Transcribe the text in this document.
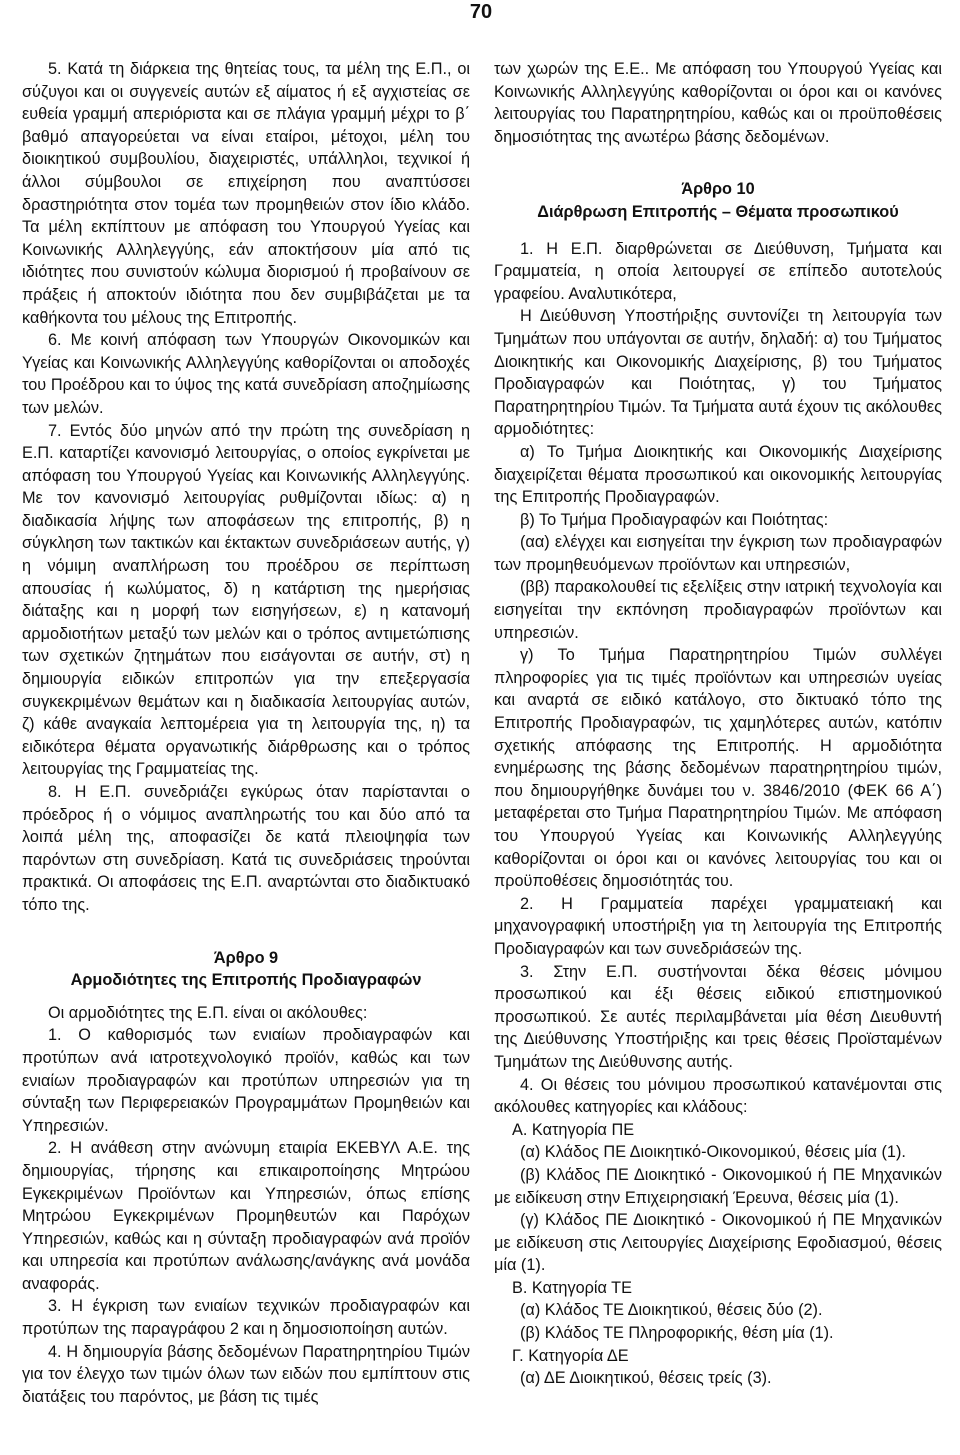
70

5. Κατά τη διάρκεια της θητείας τους, τα μέλη της Ε.Π., οι σύζυγοι και οι συγγενείς αυτών εξ αίματος ή εξ αγχιστείας σε ευθεία γραμμή απεριόριστα και σε πλάγια γραμμή μέχρι το β΄ βαθμό απαγορεύεται να είναι εταίροι, μέτοχοι, μέλη του διοικητικού συμβουλίου, διαχειριστές, υπάλληλοι, τεχνικοί ή άλλοι σύμβουλοι σε επιχείρηση που αναπτύσσει δραστηριότητα στον τομέα των προμηθειών στον ίδιο κλάδο. Τα μέλη εκπίπτουν με απόφαση του Υπουργού Υγείας και Κοινωνικής Αλληλεγγύης, εάν αποκτήσουν μία από τις ιδιότητες που συνιστούν κώλυμα διορισμού ή προβαίνουν σε πράξεις ή αποκτούν ιδιότητα που δεν συμβιβάζεται με τα καθήκοντα του μέλους της Επιτροπής.

6. Με κοινή απόφαση των Υπουργών Οικονομικών και Υγείας και Κοινωνικής Αλληλεγγύης καθορίζονται οι αποδοχές του Προέδρου και το ύψος της κατά συνεδρίαση αποζημίωσης των μελών.

7. Εντός δύο μηνών από την πρώτη της συνεδρίαση η Ε.Π. καταρτίζει κανονισμό λειτουργίας, ο οποίος εγκρίνεται με απόφαση του Υπουργού Υγείας και Κοινωνικής Αλληλεγγύης. Με τον κανονισμό λειτουργίας ρυθμίζονται ιδίως: α) η διαδικασία λήψης των αποφάσεων της επιτροπής, β) η σύγκληση των τακτικών και έκτακτων συνεδριάσεων αυτής, γ) η νόμιμη αναπλήρωση του προέδρου σε περίπτωση απουσίας ή κωλύματος, δ) η κατάρτιση της ημερήσιας διάταξης και η μορφή των εισηγήσεων, ε) η κατανομή αρμοδιοτήτων μεταξύ των μελών και ο τρόπος αντιμετώπισης των σχετικών ζητημάτων που εισάγονται σε αυτήν, στ) η δημιουργία ειδικών επιτροπών για την επεξεργασία συγκεκριμένων θεμάτων και η διαδικασία λειτουργίας αυτών, ζ) κάθε αναγκαία λεπτομέρεια για τη λειτουργία της, η) τα ειδικότερα θέματα οργανωτικής διάρθρωσης και ο τρόπος λειτουργίας της Γραμματείας της.

8. Η Ε.Π. συνεδριάζει εγκύρως όταν παρίστανται ο πρόεδρος ή ο νόμιμος αναπληρωτής του και δύο από τα λοιπά μέλη της, αποφασίζει δε κατά πλειοψηφία των παρόντων στη συνεδρίαση. Κατά τις συνεδριάσεις τηρούνται πρακτικά. Οι αποφάσεις της Ε.Π. αναρτώνται στο διαδικτυακό τόπο της.

Άρθρο 9

Αρμοδιότητες της Επιτροπής Προδιαγραφών

Οι αρμοδιότητες της Ε.Π. είναι οι ακόλουθες:

1. Ο καθορισμός των ενιαίων προδιαγραφών και προτύπων ανά ιατροτεχνολογικό προϊόν, καθώς και των ενιαίων προδιαγραφών και προτύπων υπηρεσιών για τη σύνταξη των Περιφερειακών Προγραμμάτων Προμηθειών και Υπηρεσιών.

2. Η ανάθεση στην ανώνυμη εταιρία ΕΚΕΒΥΛ Α.Ε. της δημιουργίας, τήρησης και επικαιροποίησης Μητρώου Εγκεκριμένων Προϊόντων και Υπηρεσιών, όπως επίσης Μητρώου Εγκεκριμένων Προμηθευτών και Παρόχων Υπηρεσιών, καθώς και η σύνταξη προδιαγραφών ανά προϊόν και υπηρεσία και προτύπων ανάλωσης/ανάγκης ανά μονάδα αναφοράς.

3. Η έγκριση των ενιαίων τεχνικών προδιαγραφών και προτύπων της παραγράφου 2 και η δημοσιοποίηση αυτών.

4. Η δημιουργία βάσης δεδομένων Παρατηρητηρίου Τιμών για τον έλεγχο των τιμών όλων των ειδών που εμπίπτουν στις διατάξεις του παρόντος, με βάση τις τιμές

των χωρών της Ε.Ε.. Με απόφαση του Υπουργού Υγείας και Κοινωνικής Αλληλεγγύης καθορίζονται οι όροι και οι κανόνες λειτουργίας του Παρατηρητηρίου, καθώς και οι προϋποθέσεις δημοσιότητας της ανωτέρω βάσης δεδομένων.

Άρθρο 10

Διάρθρωση Επιτροπής – Θέματα προσωπικού

1. Η Ε.Π. διαρθρώνεται σε Διεύθυνση, Τμήματα και Γραμματεία, η οποία λειτουργεί σε επίπεδο αυτοτελούς γραφείου. Αναλυτικότερα,

Η Διεύθυνση Υποστήριξης συντονίζει τη λειτουργία των Τμημάτων που υπάγονται σε αυτήν, δηλαδή: α) του Τμήματος Διοικητικής και Οικονομικής Διαχείρισης, β) του Τμήματος Προδιαγραφών και Ποιότητας, γ) του Τμήματος Παρατηρητηρίου Τιμών. Τα Τμήματα αυτά έχουν τις ακόλουθες αρμοδιότητες:

α) Το Τμήμα Διοικητικής και Οικονομικής Διαχείρισης διαχειρίζεται θέματα προσωπικού και οικονομικής λειτουργίας της Επιτροπής Προδιαγραφών.

β) Το Τμήμα Προδιαγραφών και Ποιότητας:

(αα) ελέγχει και εισηγείται την έγκριση των προδιαγραφών των προμηθευόμενων προϊόντων και υπηρεσιών,

(ββ) παρακολουθεί τις εξελίξεις στην ιατρική τεχνολογία και εισηγείται την εκπόνηση προδιαγραφών προϊόντων και υπηρεσιών.

γ) Το Τμήμα Παρατηρητηρίου Τιμών συλλέγει πληροφορίες για τις τιμές προϊόντων και υπηρεσιών υγείας και αναρτά σε ειδικό κατάλογο, στο δικτυακό τόπο της Επιτροπής Προδιαγραφών, τις χαμηλότερες αυτών, κατόπιν σχετικής απόφασης της Επιτροπής. Η αρμοδιότητα ενημέρωσης της βάσης δεδομένων παρατηρητηρίου τιμών, που δημιουργήθηκε δυνάμει του ν. 3846/2010 (ΦΕΚ 66 Α΄) μεταφέρεται στο Τμήμα Παρατηρητηρίου Τιμών. Με απόφαση του Υπουργού Υγείας και Κοινωνικής Αλληλεγγύης καθορίζονται οι όροι και οι κανόνες λειτουργίας του και οι προϋποθέσεις δημοσιότητάς του.

2. Η Γραμματεία παρέχει γραμματειακή και μηχανογραφική υποστήριξη για τη λειτουργία της Επιτροπής Προδιαγραφών και των συνεδριάσεών της.

3. Στην Ε.Π. συστήνονται δέκα θέσεις μόνιμου προσωπικού και έξι θέσεις ειδικού επιστημονικού προσωπικού. Σε αυτές περιλαμβάνεται μία θέση Διευθυντή της Διεύθυνσης Υποστήριξης και τρεις θέσεις Προϊσταμένων Τμημάτων της Διεύθυνσης αυτής.

4. Οι θέσεις του μόνιμου προσωπικού κατανέμονται στις ακόλουθες κατηγορίες και κλάδους:

Α. Κατηγορία ΠΕ

(α) Κλάδος ΠΕ Διοικητικό-Οικονομικού, θέσεις μία (1).

(β) Κλάδος ΠΕ Διοικητικό - Οικονομικού ή ΠΕ Μηχανικών με ειδίκευση στην Επιχειρησιακή Έρευνα, θέσεις μία (1).

(γ) Κλάδος ΠΕ Διοικητικό - Οικονομικού ή ΠΕ Μηχανικών με ειδίκευση στις Λειτουργίες Διαχείρισης Εφοδιασμού, θέσεις μία (1).

Β. Κατηγορία ΤΕ

(α) Κλάδος ΤΕ Διοικητικού, θέσεις δύο (2).

(β) Κλάδος ΤΕ Πληροφορικής, θέση μία (1).

Γ. Κατηγορία ΔΕ

(α) ΔΕ Διοικητικού, θέσεις τρείς (3).
